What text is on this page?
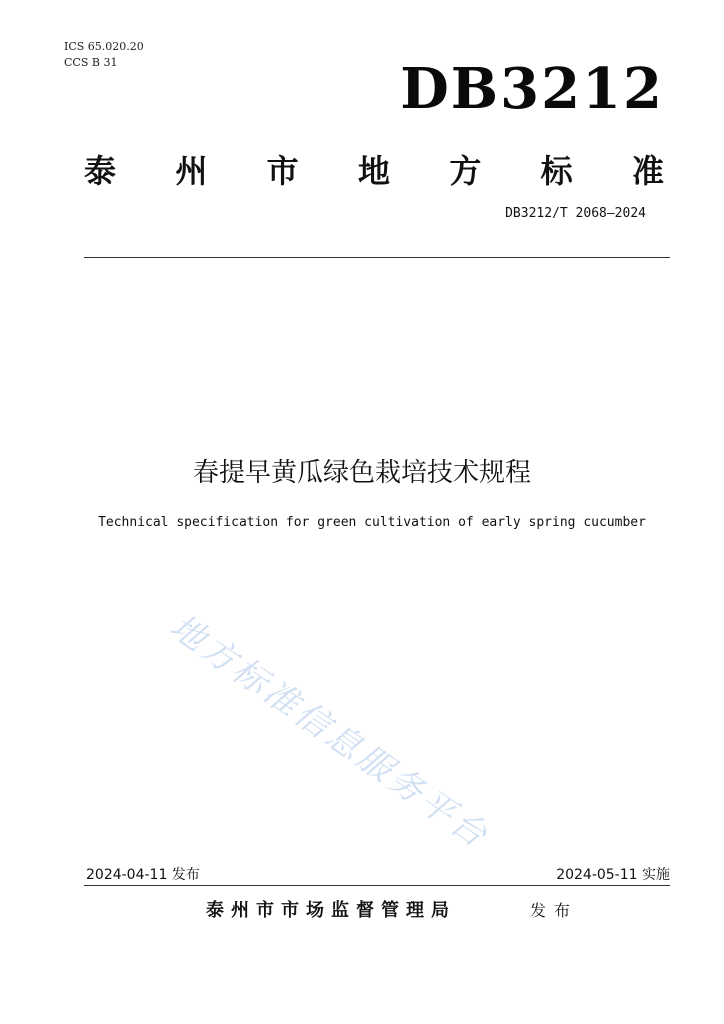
ICS 65.020.20
CCS B 31	DB3212
泰 州 市 地 方 标 准
DB3212/T 2068—2024
春提早黄瓜绿色栽培技术规程
Technical specification for green cultivation of early spring cucumber
地方标准信息服务平台
2024-04-11 发布	2024-05-11 实施
泰州市市场监督管理局	发布
